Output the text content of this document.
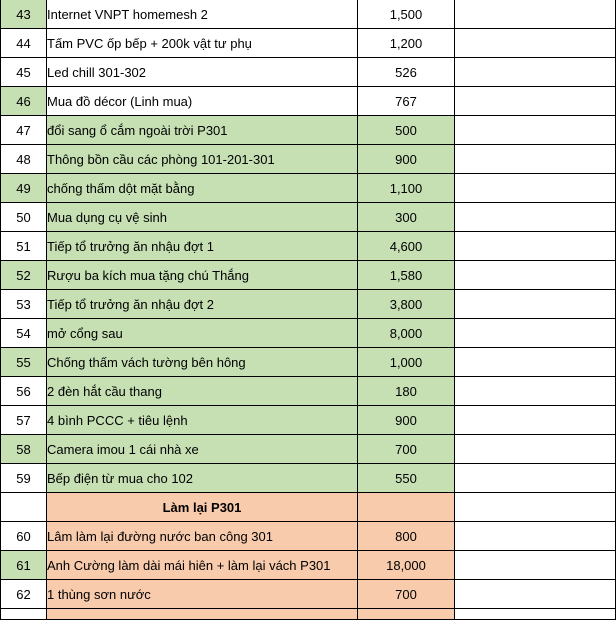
43	Internet VNPT homemesh 2	1,500	
44	Tấm PVC ốp bếp + 200k vật tư phụ	1,200	
45	Led chill 301-302	526	
46	Mua đồ décor (Linh mua)	767	
47	đổi sang ổ cắm ngoài trời P301	500	
48	Thông bồn cầu các phòng 101-201-301	900	
49	chống thấm dột mặt bằng	1,100	
50	Mua dụng cụ vệ sinh	300	
51	Tiếp tổ trưởng ăn nhậu đợt 1	4,600	
52	Rượu ba kích mua tặng chú Thắng	1,580	
53	Tiếp tổ trưởng ăn nhậu đợt 2	3,800	
54	mở cổng sau	8,000	
55	Chống thấm vách tường bên hông	1,000	
56	2 đèn hắt cầu thang	180	
57	4 bình PCCC + tiêu lệnh	900	
58	Camera imou 1 cái nhà xe	700	
59	Bếp điện từ mua cho 102	550	
	Làm lại P301		
60	Lâm làm lại đường nước ban công 301	800	
61	Anh Cường làm dài mái hiên + làm lại vách P301	18,000	
62	1 thùng sơn nước	700	
